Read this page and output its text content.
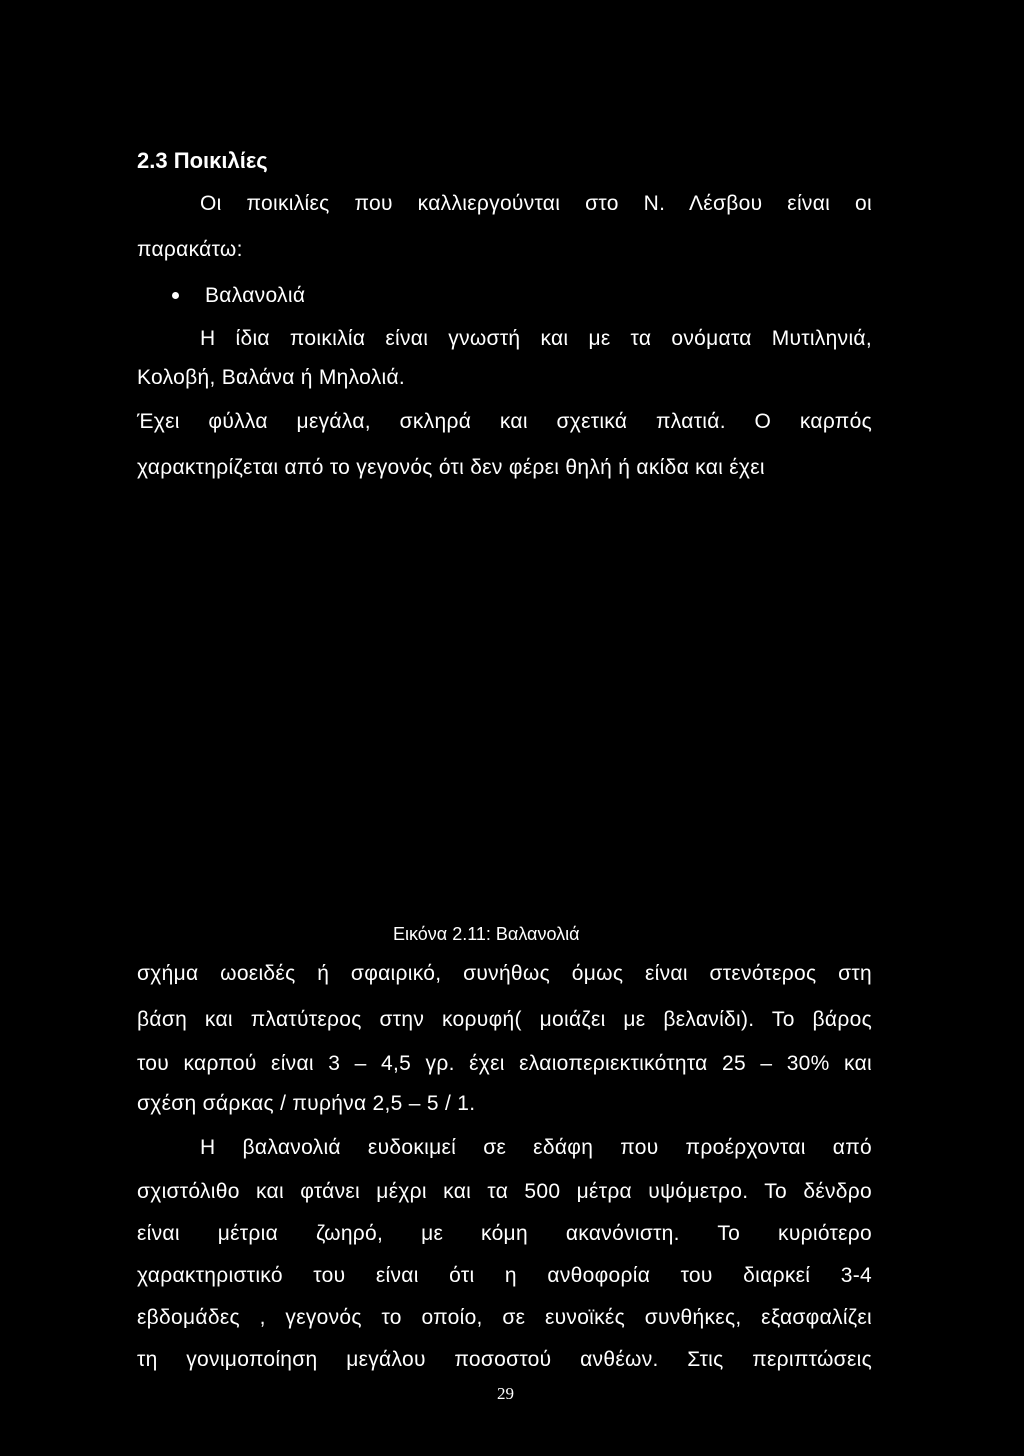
2.3 Ποικιλίες
Οι ποικιλίες που καλλιεργούνται στο Ν. Λέσβου είναι οι
παρακάτω:
Βαλανολιά
Η ίδια ποικιλία είναι γνωστή και με τα ονόματα Μυτιληνιά,
Κολοβή, Βαλάνα ή Μηλολιά.
Έχει φύλλα μεγάλα, σκληρά και σχετικά πλατιά. Ο καρπός
χαρακτηρίζεται από το γεγονός ότι δεν φέρει θηλή ή ακίδα και έχει
Εικόνα 2.11: Βαλανολιά
σχήμα ωοειδές ή σφαιρικό, συνήθως όμως είναι στενότερος στη
βάση και πλατύτερος στην κορυφή( μοιάζει με βελανίδι). Το βάρος
του καρπού είναι 3 – 4,5 γρ. έχει ελαιοπεριεκτικότητα 25 – 30% και
σχέση σάρκας / πυρήνα 2,5 – 5 / 1.
Η βαλανολιά ευδοκιμεί σε εδάφη που προέρχονται από
σχιστόλιθο και φτάνει μέχρι και τα 500 μέτρα υψόμετρο. Το δένδρο
είναι μέτρια ζωηρό, με κόμη ακανόνιστη. Το κυριότερο
χαρακτηριστικό του είναι ότι η ανθοφορία του διαρκεί 3-4
εβδομάδες , γεγονός το οποίο, σε ευνοϊκές συνθήκες, εξασφαλίζει
τη γονιμοποίηση μεγάλου ποσοστού ανθέων. Στις περιπτώσεις
29
